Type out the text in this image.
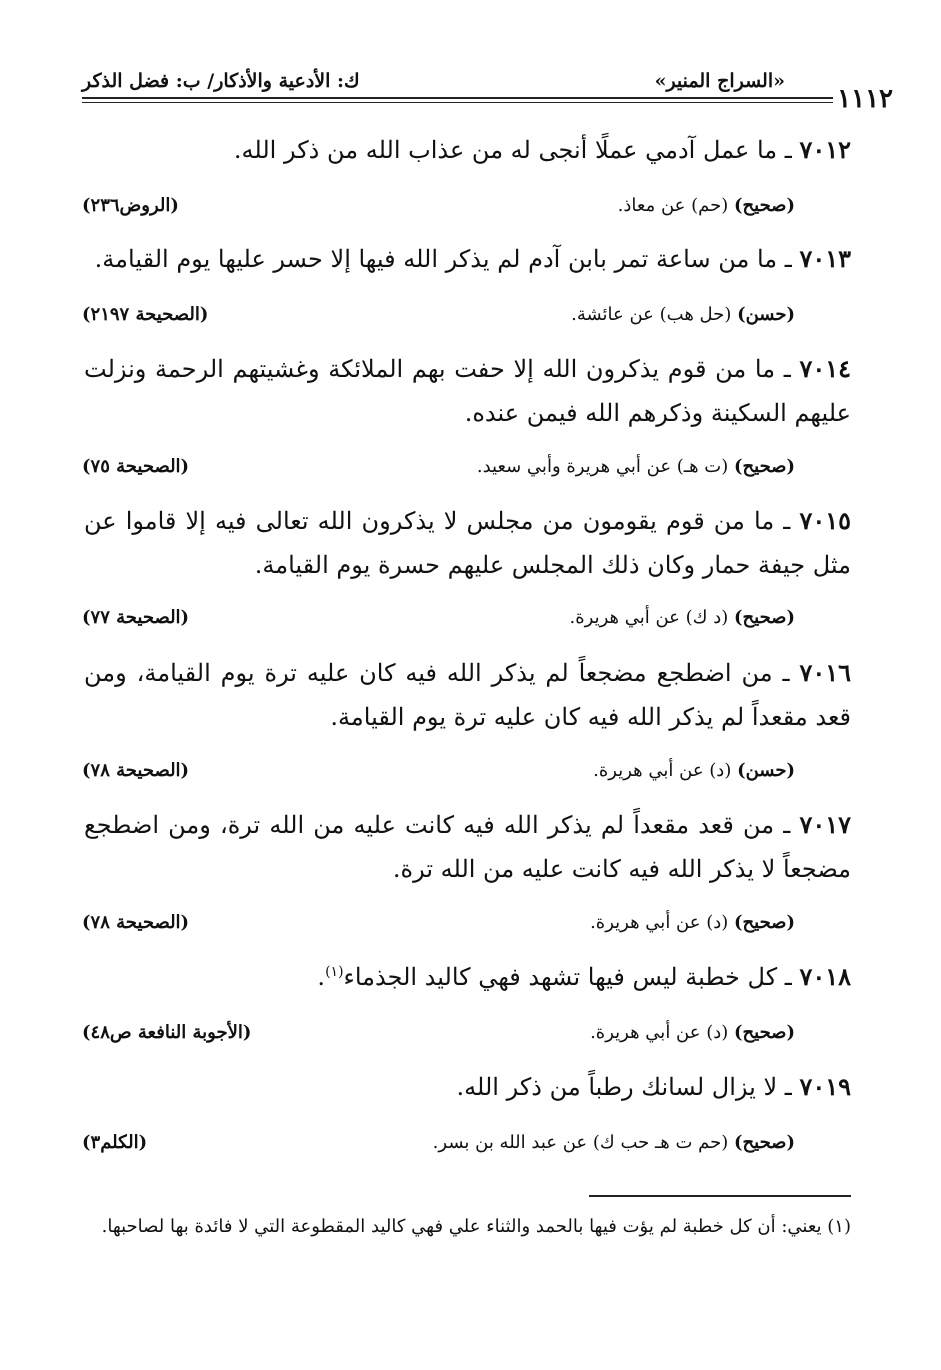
١١١٢
«السراج المنير»
ك: الأدعية والأذكار/ ب: فضل الذكر
٧٠١٢ ـ ما عمل آدمي عملًا أنجى له من عذاب الله من ذكر الله.
(صحيح) (حم) عن معاذ.
(الروض٢٣٦)
٧٠١٣ ـ ما من ساعة تمر بابن آدم لم يذكر الله فيها إلا حسر عليها يوم القيامة.
(حسن) (حل هب) عن عائشة.
(الصحيحة ٢١٩٧)
٧٠١٤ ـ ما من قوم يذكرون الله إلا حفت بهم الملائكة وغشيتهم الرحمة ونزلت عليهم السكينة وذكرهم الله فيمن عنده.
(صحيح) (ت هـ) عن أبي هريرة وأبي سعيد.
(الصحيحة ٧٥)
٧٠١٥ ـ ما من قوم يقومون من مجلس لا يذكرون الله تعالى فيه إلا قاموا عن مثل جيفة حمار وكان ذلك المجلس عليهم حسرة يوم القيامة.
(صحيح) (د ك) عن أبي هريرة.
(الصحيحة ٧٧)
٧٠١٦ ـ من اضطجع مضجعاً لم يذكر الله فيه كان عليه ترة يوم القيامة، ومن قعد مقعداً لم يذكر الله فيه كان عليه ترة يوم القيامة.
(حسن) (د) عن أبي هريرة.
(الصحيحة ٧٨)
٧٠١٧ ـ من قعد مقعداً لم يذكر الله فيه كانت عليه من الله ترة، ومن اضطجع مضجعاً لا يذكر الله فيه كانت عليه من الله ترة.
(صحيح) (د) عن أبي هريرة.
(الصحيحة ٧٨)
٧٠١٨ ـ كل خطبة ليس فيها تشهد فهي كاليد الجذماء$^{(١)}$.
(صحيح) (د) عن أبي هريرة.
(الأجوبة النافعة ص٤٨)
٧٠١٩ ـ لا يزال لسانك رطباً من ذكر الله.
(صحيح) (حم ت هـ حب ك) عن عبد الله بن بسر.
(الكلم٣)
(١) يعني: أن كل خطبة لم يؤت فيها بالحمد والثناء علي فهي كاليد المقطوعة التي لا فائدة بها لصاحبها.
